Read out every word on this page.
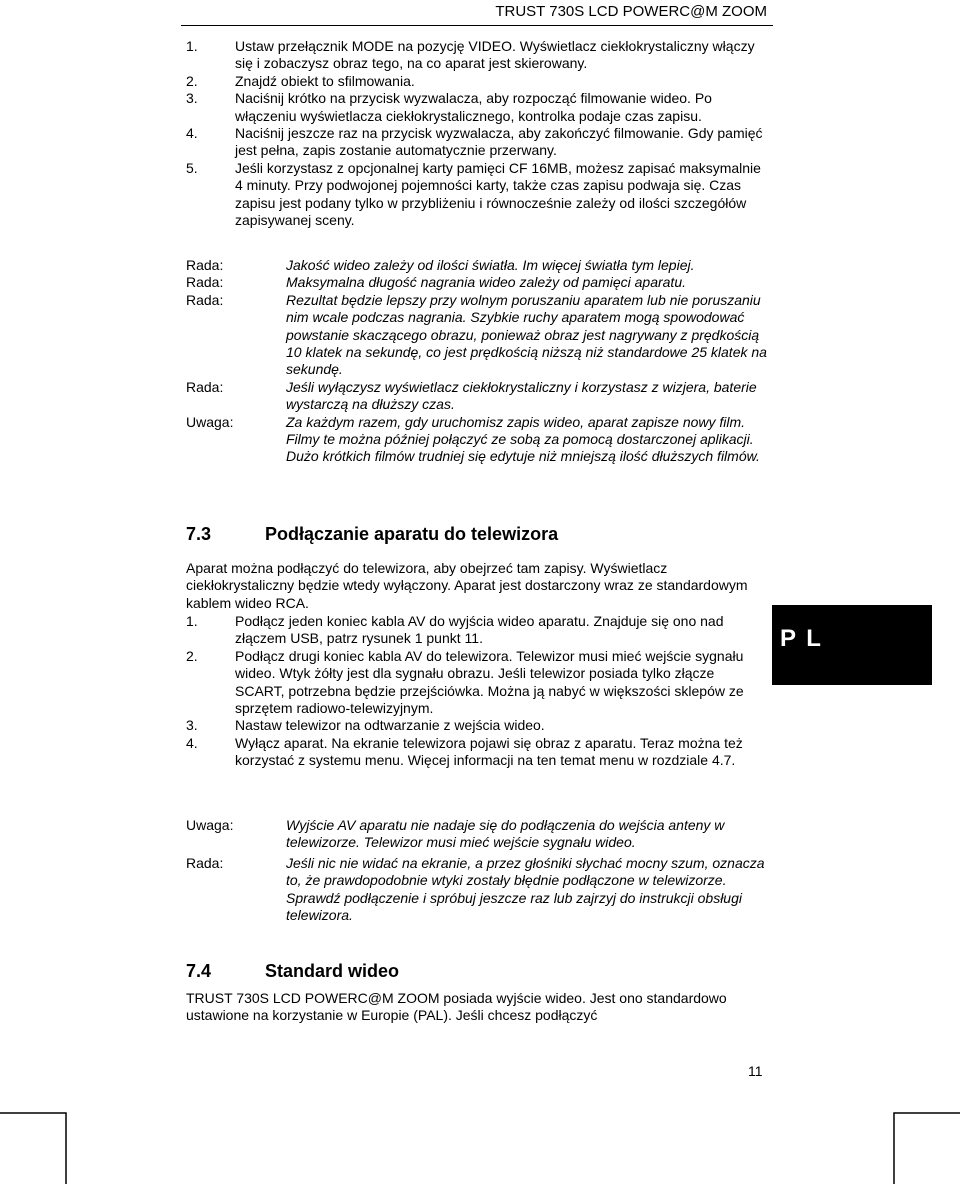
TRUST 730S LCD POWERC@M ZOOM
1.	Ustaw przełącznik MODE na pozycję VIDEO. Wyświetlacz ciekłokrystaliczny włączy się i zobaczysz obraz tego, na co aparat jest skierowany.
2.	Znajdź obiekt to sfilmowania.
3.	Naciśnij krótko na przycisk wyzwalacza, aby rozpocząć filmowanie wideo. Po włączeniu wyświetlacza ciekłokrystalicznego, kontrolka podaje czas zapisu.
4.	Naciśnij jeszcze raz na przycisk wyzwalacza, aby zakończyć filmowanie. Gdy pamięć jest pełna, zapis zostanie automatycznie przerwany.
5.	Jeśli korzystasz z opcjonalnej karty pamięci CF 16MB, możesz zapisać maksymalnie 4 minuty. Przy podwojonej pojemności karty, także czas zapisu podwaja się. Czas zapisu jest podany tylko w przybliżeniu i równocześnie zależy od ilości szczegółów zapisywanej sceny.
Rada:	Jakość wideo zależy od ilości światła. Im więcej światła tym lepiej.
Rada:	Maksymalna długość nagrania wideo zależy od pamięci aparatu.
Rada:	Rezultat będzie lepszy przy wolnym poruszaniu aparatem lub nie poruszaniu nim wcale podczas nagrania. Szybkie ruchy aparatem mogą spowodować powstanie skaczącego obrazu, ponieważ obraz jest nagrywany z prędkością 10 klatek na sekundę, co jest prędkością niższą niż standardowe 25 klatek na sekundę.
Rada:	Jeśli wyłączysz wyświetlacz ciekłokrystaliczny i korzystasz z wizjera, baterie wystarczą na dłuższy czas.
Uwaga:	Za każdym razem, gdy uruchomisz zapis wideo, aparat zapisze nowy film. Filmy te można później połączyć ze sobą za pomocą dostarczonej aplikacji. Dużo krótkich filmów trudniej się edytuje niż mniejszą ilość dłuższych filmów.
7.3	Podłączanie aparatu do telewizora

Aparat można podłączyć do telewizora, aby obejrzeć tam zapisy. Wyświetlacz ciekłokrystaliczny będzie wtedy wyłączony. Aparat jest dostarczony wraz ze standardowym kablem wideo RCA.

1.	Podłącz jeden koniec kabla AV do wyjścia wideo aparatu. Znajduje się ono nad złączem USB, patrz rysunek 1 punkt 11.
2.	Podłącz drugi koniec kabla AV do telewizora. Telewizor musi mieć wejście sygnału wideo. Wtyk żółty jest dla sygnału obrazu. Jeśli telewizor posiada tylko złącze SCART, potrzebna będzie przejściówka. Można ją nabyć w większości sklepów ze sprzętem radiowo-telewizyjnym.
3.	Nastaw telewizor na odtwarzanie z wejścia wideo.
4.	Wyłącz aparat. Na ekranie telewizora pojawi się obraz z aparatu. Teraz można też korzystać z systemu menu. Więcej informacji na ten temat menu w rozdziale 4.7.
Uwaga:	Wyjście AV aparatu nie nadaje się do podłączenia do wejścia anteny w telewizorze. Telewizor musi mieć wejście sygnału wideo.
Rada:	Jeśli nic nie widać na ekranie, a przez głośniki słychać mocny szum, oznacza to, że prawdopodobnie wtyki zostały błędnie podłączone w telewizorze. Sprawdź podłączenie i spróbuj jeszcze raz lub zajrzyj do instrukcji obsługi telewizora.
7.4	Standard wideo

TRUST 730S LCD POWERC@M ZOOM posiada wyjście wideo. Jest ono standardowo ustawione na korzystanie w Europie (PAL). Jeśli chcesz podłączyć

P L
11
